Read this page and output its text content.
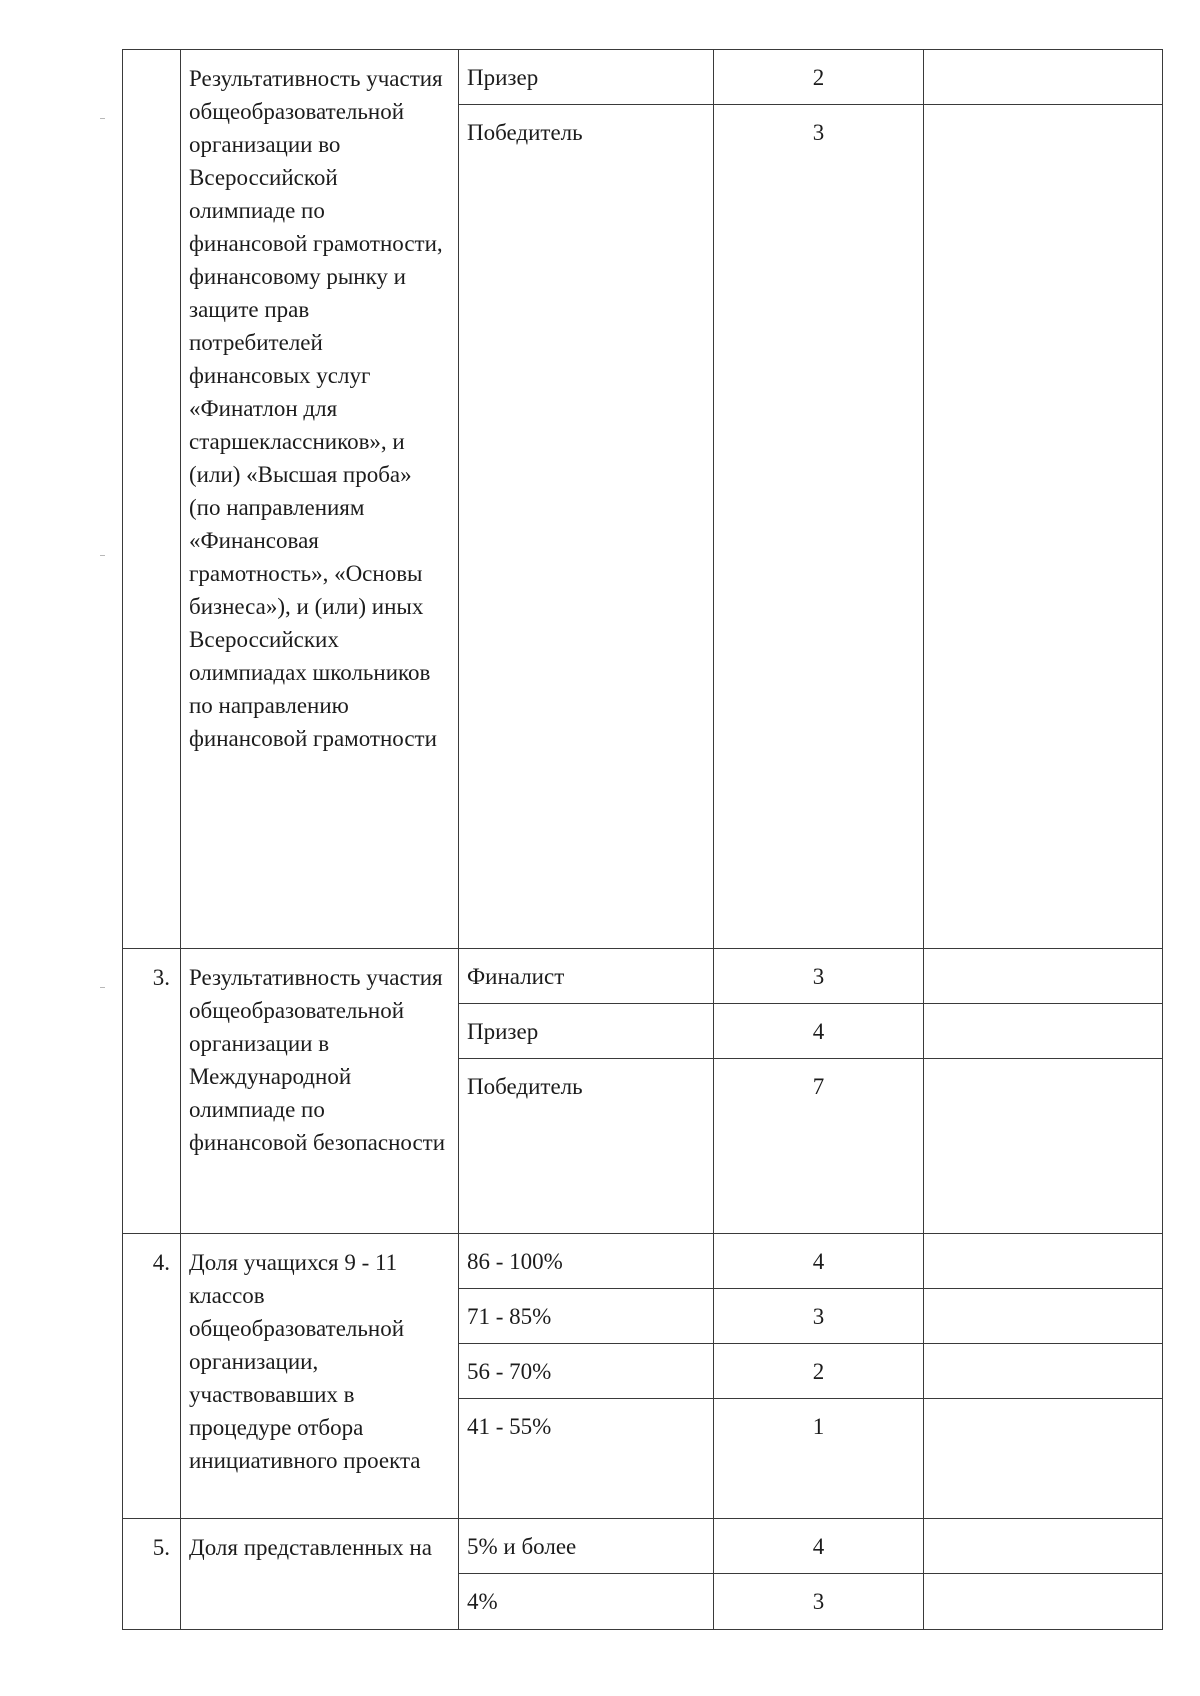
	Результативность участия общеобразовательной организации во Всероссийской олимпиаде по финансовой грамотности, финансовому рынку и защите прав потребителей финансовых услуг «Финатлон для старшеклассников», и (или) «Высшая проба» (по направлениям «Финансовая грамотность», «Основы бизнеса»), и (или) иных Всероссийских олимпиадах школьников по направлению финансовой грамотности	Призер	2	
		Победитель	3	
3.	Результативность участия общеобразовательной организации в Международной олимпиаде по финансовой безопасности	Финалист	3	
		Призер	4	
		Победитель	7	
4.	Доля учащихся 9 - 11 классов общеобразовательной организации, участвовавших в процедуре отбора инициативного проекта	86 - 100%	4	
		71 - 85%	3	
		56 - 70%	2	
		41 - 55%	1	
5.	Доля представленных на	5% и более	4	
		4%	3	
